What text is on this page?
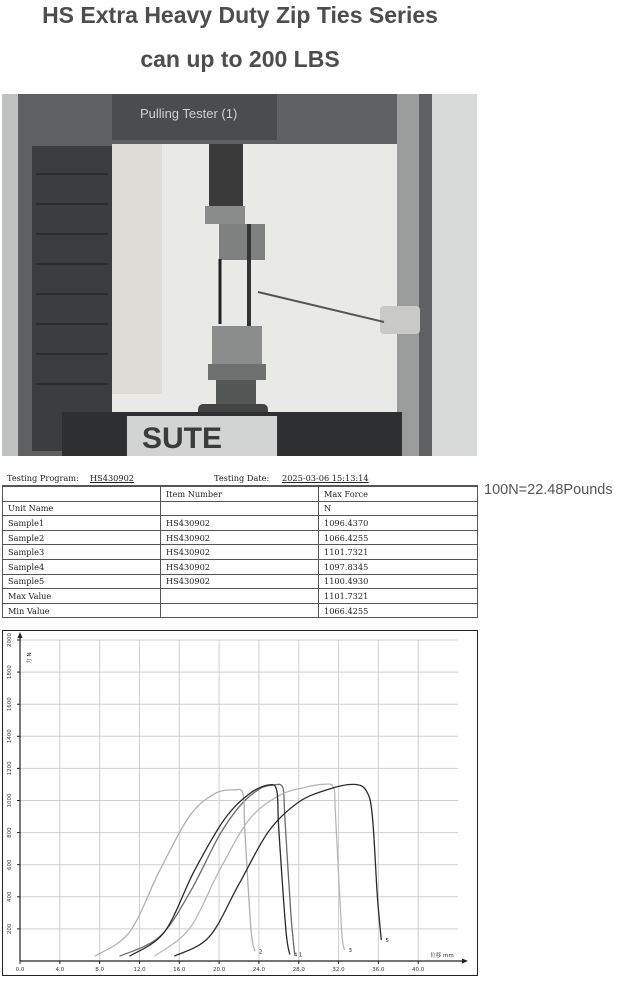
HS Extra Heavy Duty Zip Ties Series
can up to 200 LBS
Pulling Tester (1)
SUTE
Testing Program: HS430902	Testing Date: 2025-03-06 15:13:14
	Item Number	Max Force
Unit Name		N
Sample1	HS430902	1096.4370
Sample2	HS430902	1066.4255
Sample3	HS430902	1101.7321
Sample4	HS430902	1097.8345
Sample5	HS430902	1100.4930
Max Value		1101.7321
Min Value		1066.4255
100N=22.48Pounds
0.0	4.0	8.0	12.0	16.0	20.0	24.0	28.0	32.0	36.0	40.0
200
400
600
800
1000
1200
1400
1600
1800
2000
位移 mm
力 N
1
2	3
4
5
